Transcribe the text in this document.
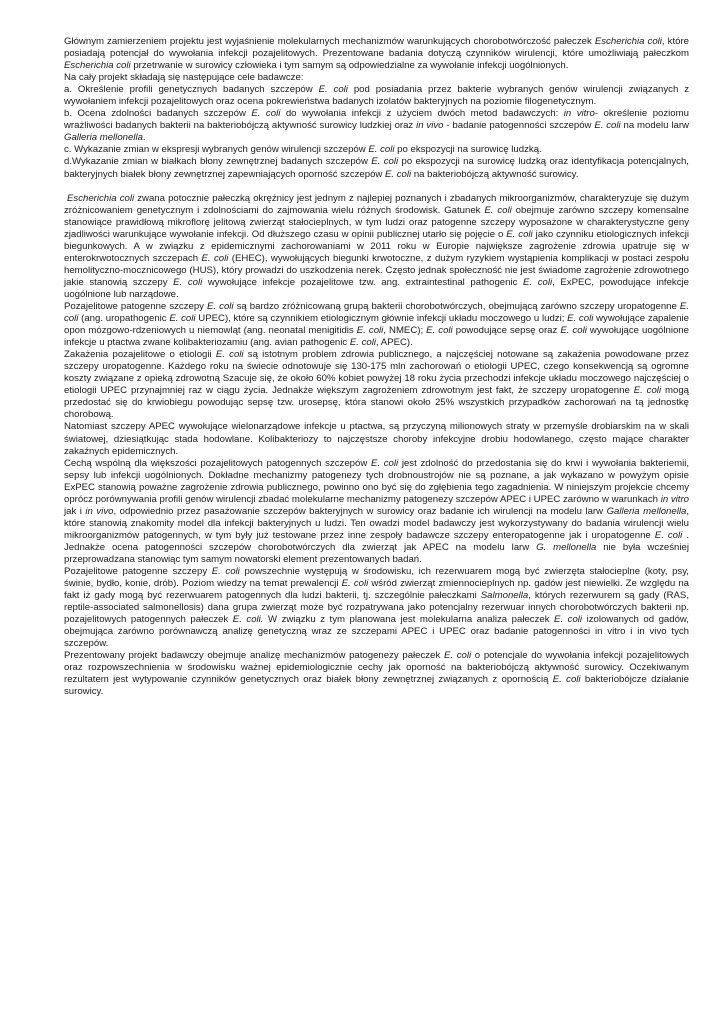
Głównym zamierzeniem projektu jest wyjaśnienie molekularnych mechanizmów warunkujących chorobotwórczość pałeczek Escherichia coli, które posiadają potencjał do wywołania infekcji pozajelitowych. Prezentowane badania dotyczą czynników wirulencji, które umożliwiają pałeczkom Escherichia coli przetrwanie w surowicy człowieka i tym samym są odpowiedzialne za wywołanie infekcji uogólnionych.

Na cały projekt składają się następujące cele badawcze:

a. Określenie profili genetycznych badanych szczepów E. coli pod posiadania przez bakterie wybranych genów wirulencji związanych z wywołaniem infekcji pozajelitowych oraz ocena pokrewieństwa badanych izolatów bakteryjnych na poziomie filogenetycznym.

b. Ocena zdolności badanych szczepów E. coli do wywołania infekcji z użyciem dwóch metod badawczych: in vitro- określenie poziomu wrażliwości badanych bakterii na bakteriobójczą aktywność surowicy ludzkiej oraz in vivo - badanie patogenności szczepów E. coli na modelu larw Galleria mellonella.

c. Wykazanie zmian w ekspresji wybranych genów wirulencji szczepów E. coli po ekspozycji na surowicę ludzką.

d.Wykazanie zmian w białkach błony zewnętrznej badanych szczepów E. coli po ekspozycji na surowicę ludzką oraz identyfikacja potencjalnych, bakteryjnych białek błony zewnętrznej zapewniających oporność szczepów E. coli na bakteriobójczą aktywność surowicy.

Escherichia coli zwana potocznie pałeczką okrężnicy jest jednym z najlepiej poznanych i zbadanych mikroorganizmów, charakteryzuje się dużym zróżnicowaniem genetycznym i zdolnościami do zajmowania wielu różnych środowisk. Gatunek E. coli obejmuje zarówno szczepy komensalne stanowiące prawidłową mikroflorę jelitową zwierząt stałocieplnych, w tym ludzi oraz patogenne szczepy wyposażone w charakterystyczne geny zjadliwości warunkujące wywołanie infekcji. Od dłuższego czasu w opinii publicznej utarło się pojęcie o E. coli jako czynniku etiologicznych infekcji biegunkowych. A w związku z epidemicznymi zachorowaniami w 2011 roku w Europie największe zagrożenie zdrowia upatruje się w enterokrwotocznych szczepach E. coli (EHEC), wywołujących biegunki krwotoczne, z dużym ryzykiem wystąpienia komplikacji w postaci zespołu hemolityczno-mocznicowego (HUS), który prowadzi do uszkodzenia nerek. Często jednak społeczność nie jest świadome zagrożenie zdrowotnego jakie stanowią szczepy E. coli wywołujące infekcje pozajelitowe tzw. ang. extraintestinal pathogenic E. coli, ExPEC, powodujące infekcje uogólnione lub narządowe.

Pozajelitowe patogenne szczepy E. coli są bardzo zróżnicowaną grupą bakterii chorobotwórczych, obejmującą zarówno szczepy uropatogenne E. coli (ang. uropathogenic E. coli UPEC), które są czynnikiem etiologicznym głównie infekcji układu moczowego u ludzi; E. coli wywołujące zapalenie opon mózgowo-rdzeniowych u niemowląt (ang. neonatal menigitidis E. coli, NMEC); E. coli powodujące sepsę oraz E. coli wywołujące uogólnione infekcje u ptactwa zwane kolibakteriozamiu (ang. avian pathogenic E. coli, APEC).

Zakażenia pozajelitowe o etiologii E. coli są istotnym problem zdrowia publicznego, a najczęściej notowane są zakażenia powodowane przez szczepy uropatogenne. Każdego roku na świecie odnotowuje się 130-175 mln zachorowań o etiologii UPEC, czego konsekwencją są ogromne koszty związane z opieką zdrowotną Szacuje się, że około 60% kobiet powyżej 18 roku życia przechodzi infekcje układu moczowego najczęściej o etiologii UPEC przynajmniej raz w ciągu życia. Jednakże większym zagrożeniem zdrowotnym jest fakt, że szczepy uropatogenne E. coli mogą przedostać się do krwiobiegu powodując sepsę tzw. urosepsę, która stanowi około 25% wszystkich przypadków zachorowań na tą jednostkę chorobową.

Natomiast szczepy APEC wywołujące wielonarządowe infekcje u ptactwa, są przyczyną milionowych straty w przemyśle drobiarskim na w skali światowej, dziesiątkując stada hodowlane. Kolibakteriozy to najczęstsze choroby infekcyjne drobiu hodowlanego, często mające charakter zakaźnych epidemicznych.

Cechą wspólną dla większości pozajelitowych patogennych szczepów E. coli jest zdolność do przedostania się do krwi i wywołania bakteriemii, sepsy lub infekcji uogólnionych. Dokładne mechanizmy patogenezy tych drobnoustrojów nie są poznane, a jak wykazano w powyżym opisie ExPEC stanowią poważne zagrożenie zdrowia publicznego, powinno ono być się do zgłębienia tego zagadnienia. W niniejszym projekcie chcemy oprócz porównywania profili genów wirulencji zbadać molekularne mechanizmy patogenezy szczepów APEC i UPEC zarówno w warunkach in vitro jak i in vivo, odpowiednio przez pasażowanie szczepów bakteryjnych w surowicy oraz badanie ich wirulencji na modelu larw Galleria mellonella, które stanowią znakomity model dla infekcji bakteryjnych u ludzi. Ten owadzi model badawczy jest wykorzystywany do badania wirulencji wielu mikroorganizmów patogennych, w tym były już testowane przez inne zespoły badawcze szczepy enteropatogenne jak i uropatogenne E. coli . Jednakże ocena patogenności szczepów chorobotwórczych dla zwierząt jak APEC na modelu larw G. mellonella nie była wcześniej przeprowadzana stanowiąc tym samym nowatorski element prezentowanych badań.

Pozajelitowe patogenne szczepy E. coli powszechnie występują w środowisku, ich rezerwuarem mogą być zwierzęta stałocieplne (koty, psy, świnie, bydło, konie, drób). Poziom wiedzy na temat prewalencji E. coli wśród zwierząt zmiennocieplnych np. gadów jest niewielki. Ze względu na fakt iż gady mogą być rezerwuarem patogennych dla ludzi bakterii, tj. szczególnie pałeczkami Salmonella, których rezerwurem są gady (RAS, reptile-associated salmonellosis) dana grupa zwierząt może być rozpatrywana jako potencjalny rezerwuar innych chorobotwórczych bakterii np. pozajelitowych patogennych pałeczek E. coli. W związku z tym planowana jest molekularna analiza pałeczek E. coli izolowanych od gadów, obejmująca zarówno porównawczą analizę genetyczną wraz ze szczepami APEC i UPEC oraz badanie patogenności in vitro i in vivo tych szczepów.

Prezentowany projekt badawczy obejmuje analizę mechanizmów patogenezy pałeczek E. coli o potencjale do wywołania infekcji pozajelitowych oraz rozpowszechnienia w środowisku ważnej epidemiologicznie cechy jak oporność na bakteriobójczą aktywność surowicy. Oczekiwanym rezultatem jest wytypowanie czynników genetycznych oraz białek błony zewnętrznej związanych z opornością E. coli bakteriobójcze działanie surowicy.
